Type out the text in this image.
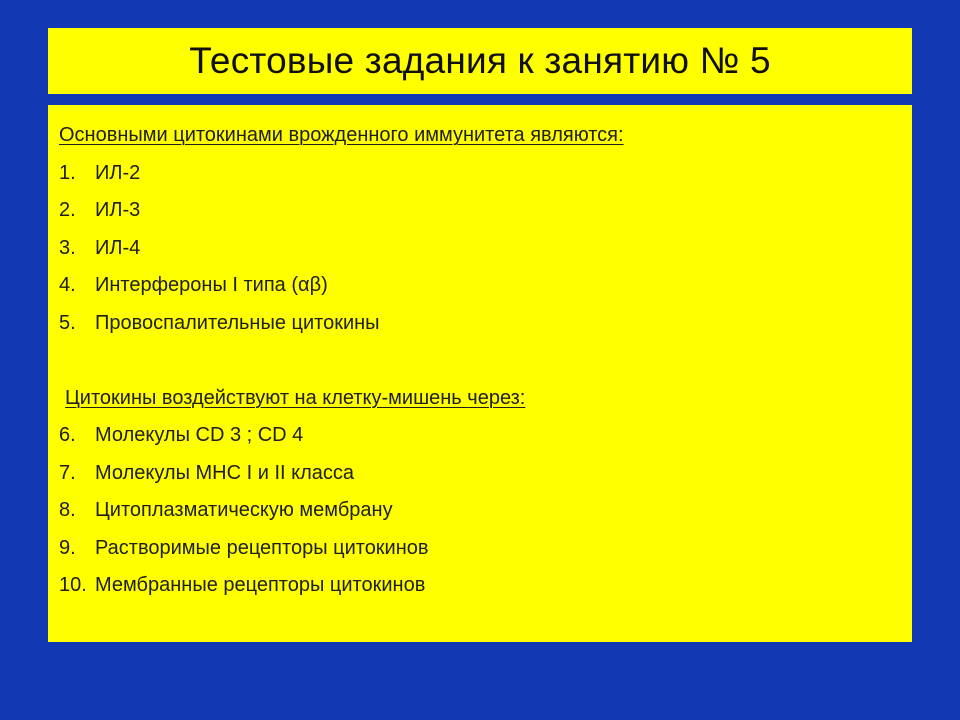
Тестовые задания к занятию № 5
Основными цитокинами врожденного иммунитета являются:
1. ИЛ-2
2. ИЛ-3
3. ИЛ-4
4. Интерфероны I типа (αβ)
5. Провоспалительные цитокины
Цитокины воздействуют на клетку-мишень через:
6. Молекулы CD 3 ; CD 4
7. Молекулы MHC I и II класса
8. Цитоплазматическую мембрану
9. Растворимые рецепторы цитокинов
10. Мембранные рецепторы цитокинов
